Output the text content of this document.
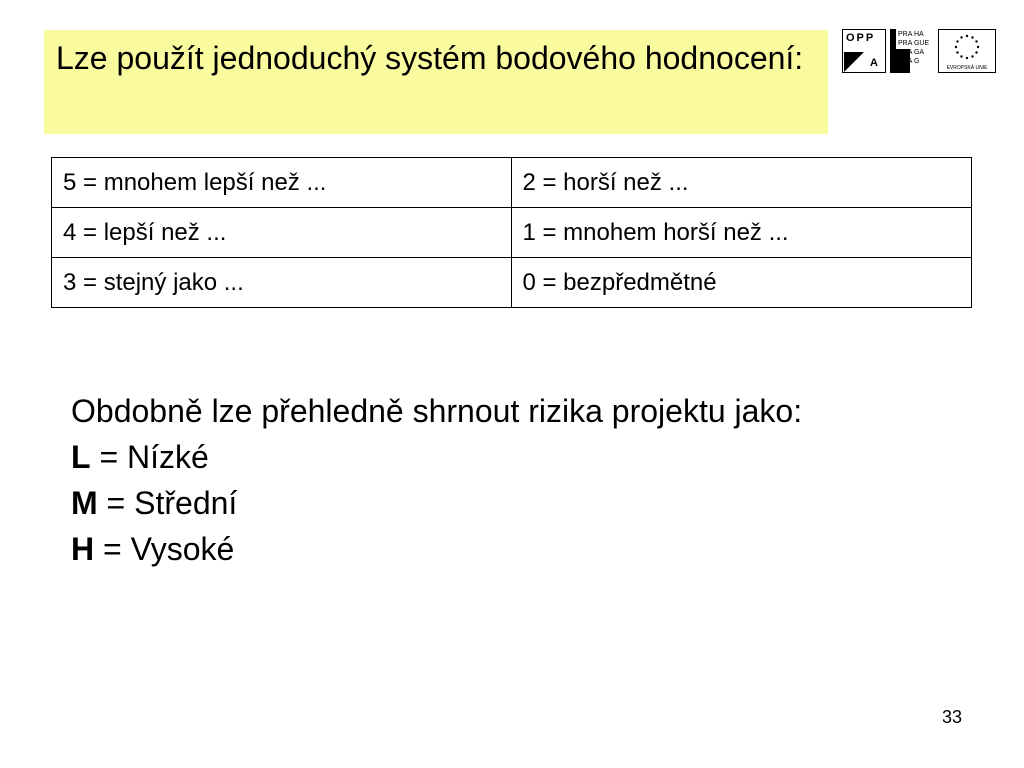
Lze použít jednoduchý systém bodového hodnocení:
OPP
A
PRA HA
PRA GUE
PRA GA
PRA G
EVROPSKÁ UNIE
5 = mnohem lepší než ...	2 = horší než ...
4 = lepší než ...	1 = mnohem horší než ...
3 = stejný jako ...	0 = bezpředmětné

Obdobně lze přehledně shrnout rizika projektu jako:

L = Nízké

M = Střední

H = Vysoké

33
